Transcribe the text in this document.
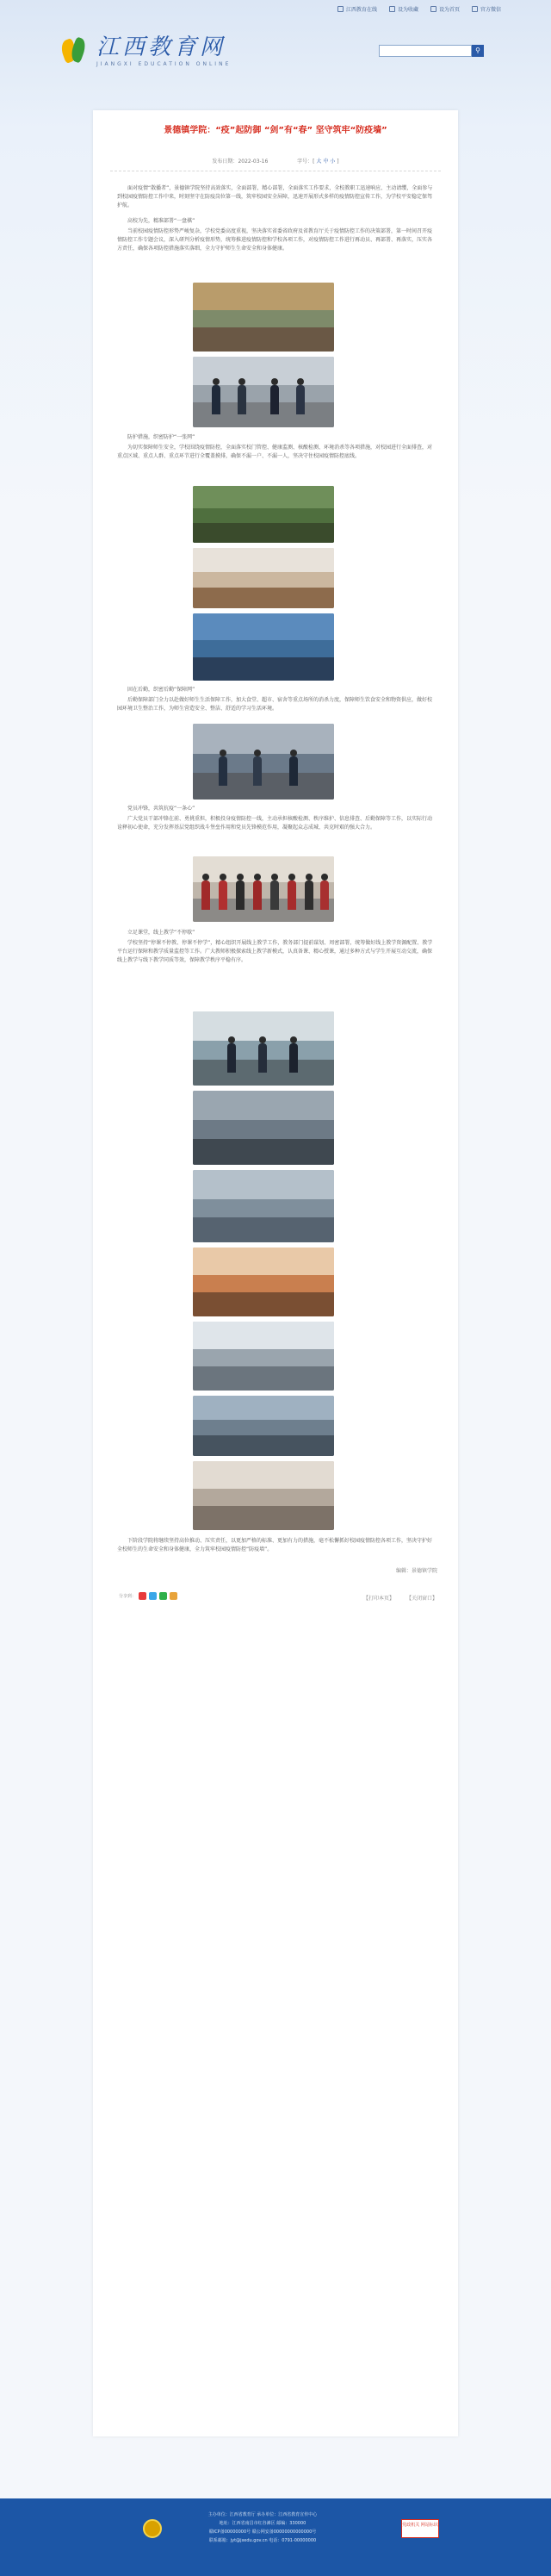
江西教育在线	设为收藏	设为首页	官方微信
江西教育网
JIANGXI EDUCATION ONLINE
⚲
景德镇学院：“疫”起防御 “剑”有“春” 坚守筑牢“防疫墙”
发布日期：2022-03-16	字号：[ 大 中 小 ]
面对疫情“散播者”，景德镇学院坚持高效落实，全面部署，精心部署，全面落实工作要求，全校教职工迅速响应、主动请缨，全面参与到校园疫情防控工作中来，时刻坚守在防疫岗位第一线，筑牢校园安全屏障，迅速开展形式多样的疫情防控宣传工作，为学校平安稳定保驾护航。
高校为先，精准部署“一盘棋”
当前校园疫情防控形势严峻复杂，学校党委高度重视，坚决落实省委省政府及省教育厅关于疫情防控工作的决策部署，第一时间召开疫情防控工作专题会议，深入研判分析疫情形势，统筹推进疫情防控和学校各项工作，对疫情防控工作进行再动员、再部署、再落实，压实各方责任，确保各项防控措施落实落细，全力守护师生生命安全和身体健康。
防护措施，织密防护“一张网”
为切实保障师生安全，学校围绕疫情防控，全面落实校门管控、健康监测、核酸检测、环境消杀等各项措施，对校园进行全面排查，对重点区域、重点人群、重点环节进行全覆盖摸排，确保不漏一户、不漏一人，坚决守住校园疫情防控底线。
固在后勤，织密后勤“保障网”
后勤保障部门全力以赴做好师生生活保障工作，加大食堂、超市、宿舍等重点场所的消杀力度，保障师生饮食安全和物资供应，做好校园环境卫生整治工作，为师生营造安全、整洁、舒适的学习生活环境。
党员冲锋，共筑抗疫“一条心”
广大党员干部冲锋在前、勇挑重担，积极投身疫情防控一线，主动承担核酸检测、秩序维护、信息排查、后勤保障等工作，以实际行动诠释初心使命，充分发挥基层党组织战斗堡垒作用和党员先锋模范作用，凝聚起众志成城、共克时艰的强大合力。
立足课堂，线上教学“不停歇”
学校坚持“停课不停教、停课不停学”，精心组织开展线上教学工作，教务部门提前谋划、周密部署，统筹做好线上教学资源配置、教学平台运行保障和教学质量监控等工作。广大教师积极探索线上教学新模式，认真备课、精心授课，通过多种方式与学生开展互动交流，确保线上教学与线下教学同质等效，保障教学秩序平稳有序。
下阶段学院将继续坚持高位推动、压实责任，以更加严格的标准、更加有力的措施，毫不松懈抓好校园疫情防控各项工作，坚决守护好全校师生的生命安全和身体健康，全力筑牢校园疫情防控“防疫墙”。
编辑：景德镇学院
分享到：	【打印本页】 【关闭窗口】
主办单位：江西省教育厅 承办单位：江西省教育宣传中心
地址：江西省南昌市红谷滩区 邮编：330000
赣ICP备00000000号 赣公网安备00000000000000号
联系邮箱：jyt@jxedu.gov.cn 电话：0791-00000000
党政机关 网站标识
